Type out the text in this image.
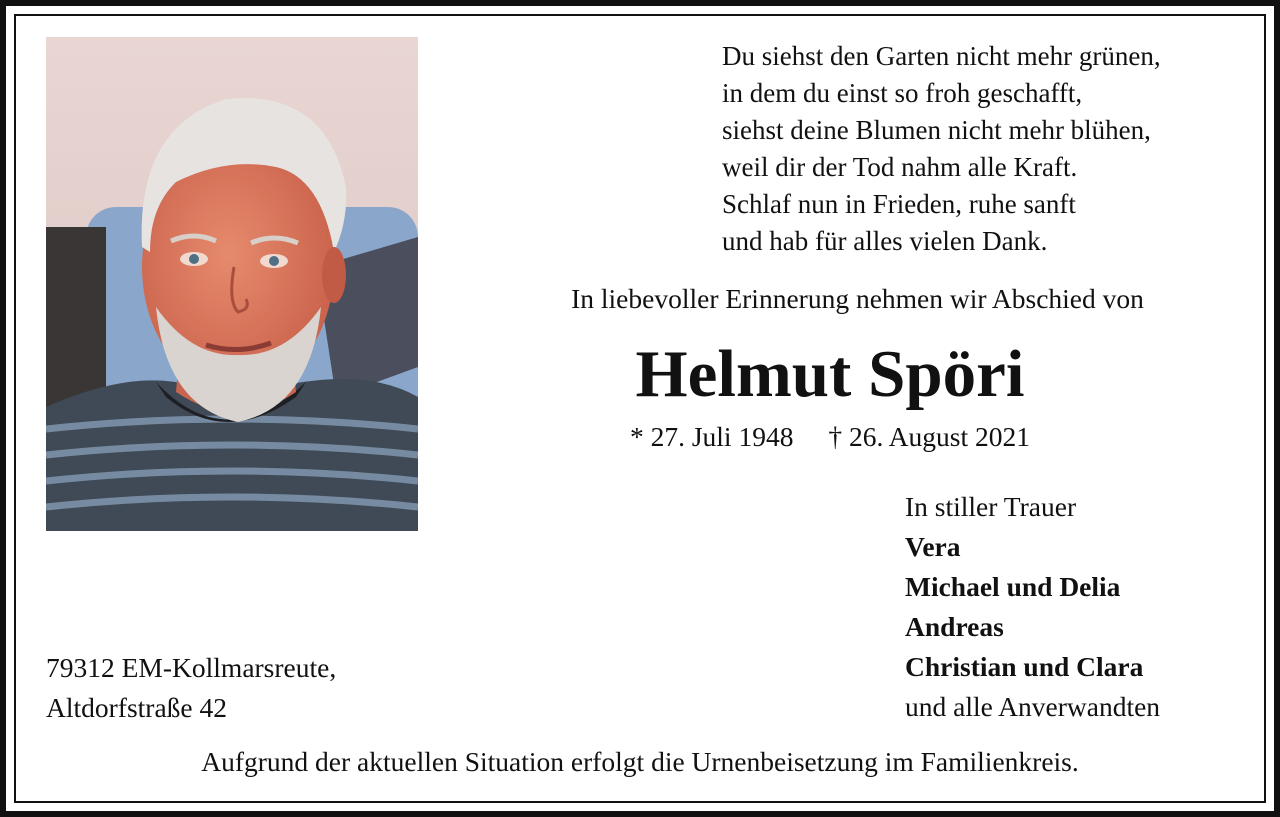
Du siehst den Garten nicht mehr grünen,
in dem du einst so froh geschafft,
siehst deine Blumen nicht mehr blühen,
weil dir der Tod nahm alle Kraft.
Schlaf nun in Frieden, ruhe sanft
und hab für alles vielen Dank.
In liebevoller Erinnerung nehmen wir Abschied von
Helmut Spöri
* 27. Juli 1948 † 26. August 2021
In stiller Trauer
Vera
Michael und Delia
Andreas
Christian und Clara
und alle Anverwandten
79312 EM-Kollmarsreute,
Altdorfstraße 42
Aufgrund der aktuellen Situation erfolgt die Urnenbeisetzung im Familienkreis.
